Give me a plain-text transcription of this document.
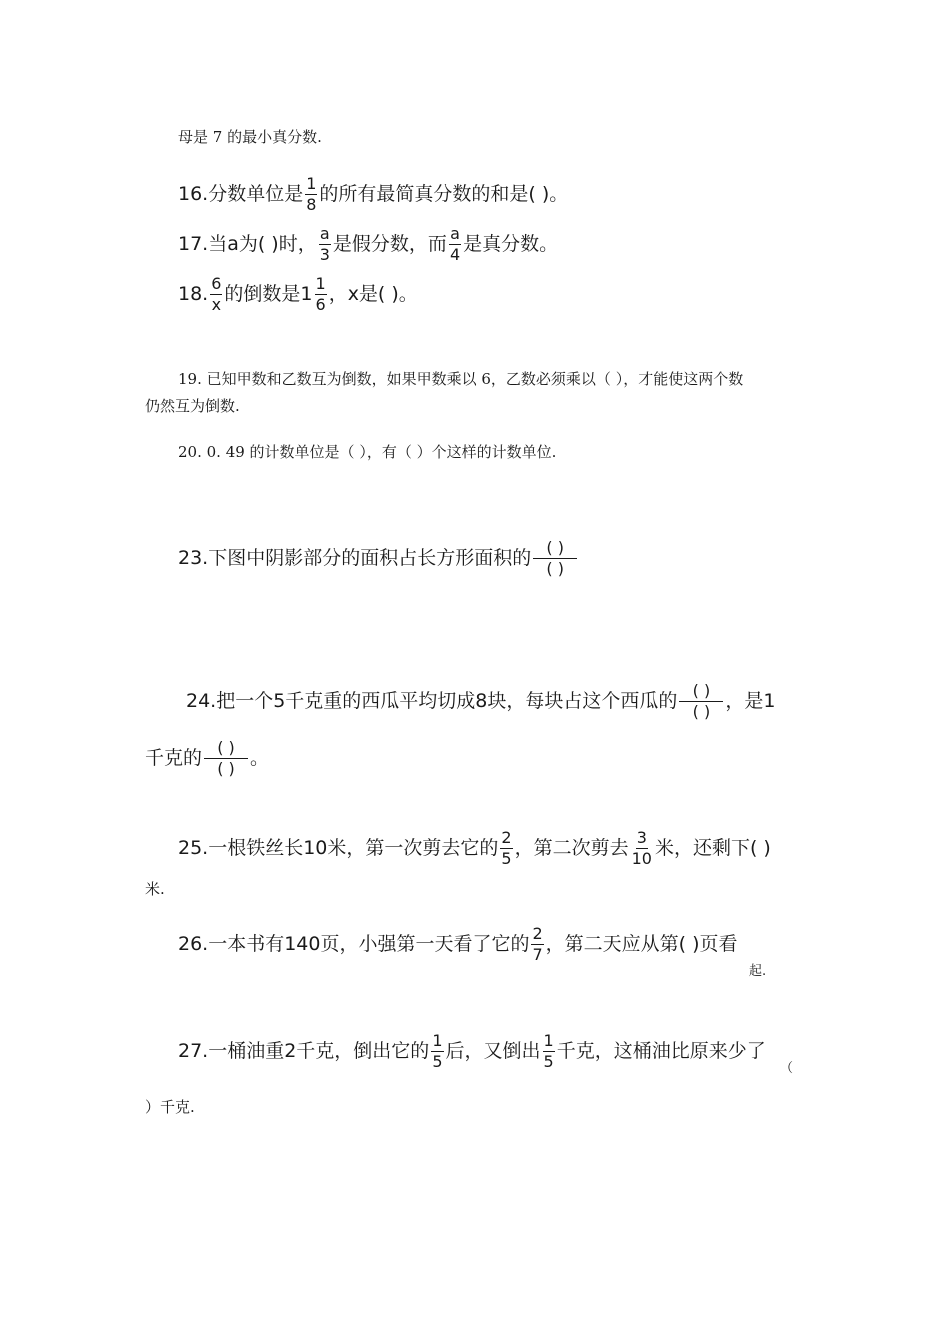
母是 7 的最小真分数.
16.分数单位是 $\frac{1}{8}$ 的所有最简真分数的和是( )。
17.当a为( )时， $\frac{a}{3}$ 是假分数，而 $\frac{a}{4}$ 是真分数。
18. $\frac{6}{x}$ 的倒数是$1 \frac{1}{6}$ ，x是( )。
19. 已知甲数和乙数互为倒数，如果甲数乘以 6，乙数必须乘以（ ），才能使这两个数
仍然互为倒数.
20. 0. 49 的计数单位是（ ），有（ ）个这样的计数单位.
23.下图中阴影部分的面积占长方形面积的 $\frac{( )}{( )}$
24.把一个5千克重的西瓜平均切成8块，每块占这个西瓜的 $\frac{( )}{( )}$ ，是1
千克的 $\frac{( )}{( )}$ 。
25.一根铁丝长10米，第一次剪去它的 $\frac{2}{5}$ ，第二次剪去 $\frac{3}{10}$ 米，还剩下( )
米.
26.一本书有140页，小强第一天看了它的 $\frac{2}{7}$ ，第二天应从第( )页看
起.
27.一桶油重2千克，倒出它的 $\frac{1}{5}$ 后，又倒出 $\frac{1}{5}$ 千克，这桶油比原来少了
（
）千克.
